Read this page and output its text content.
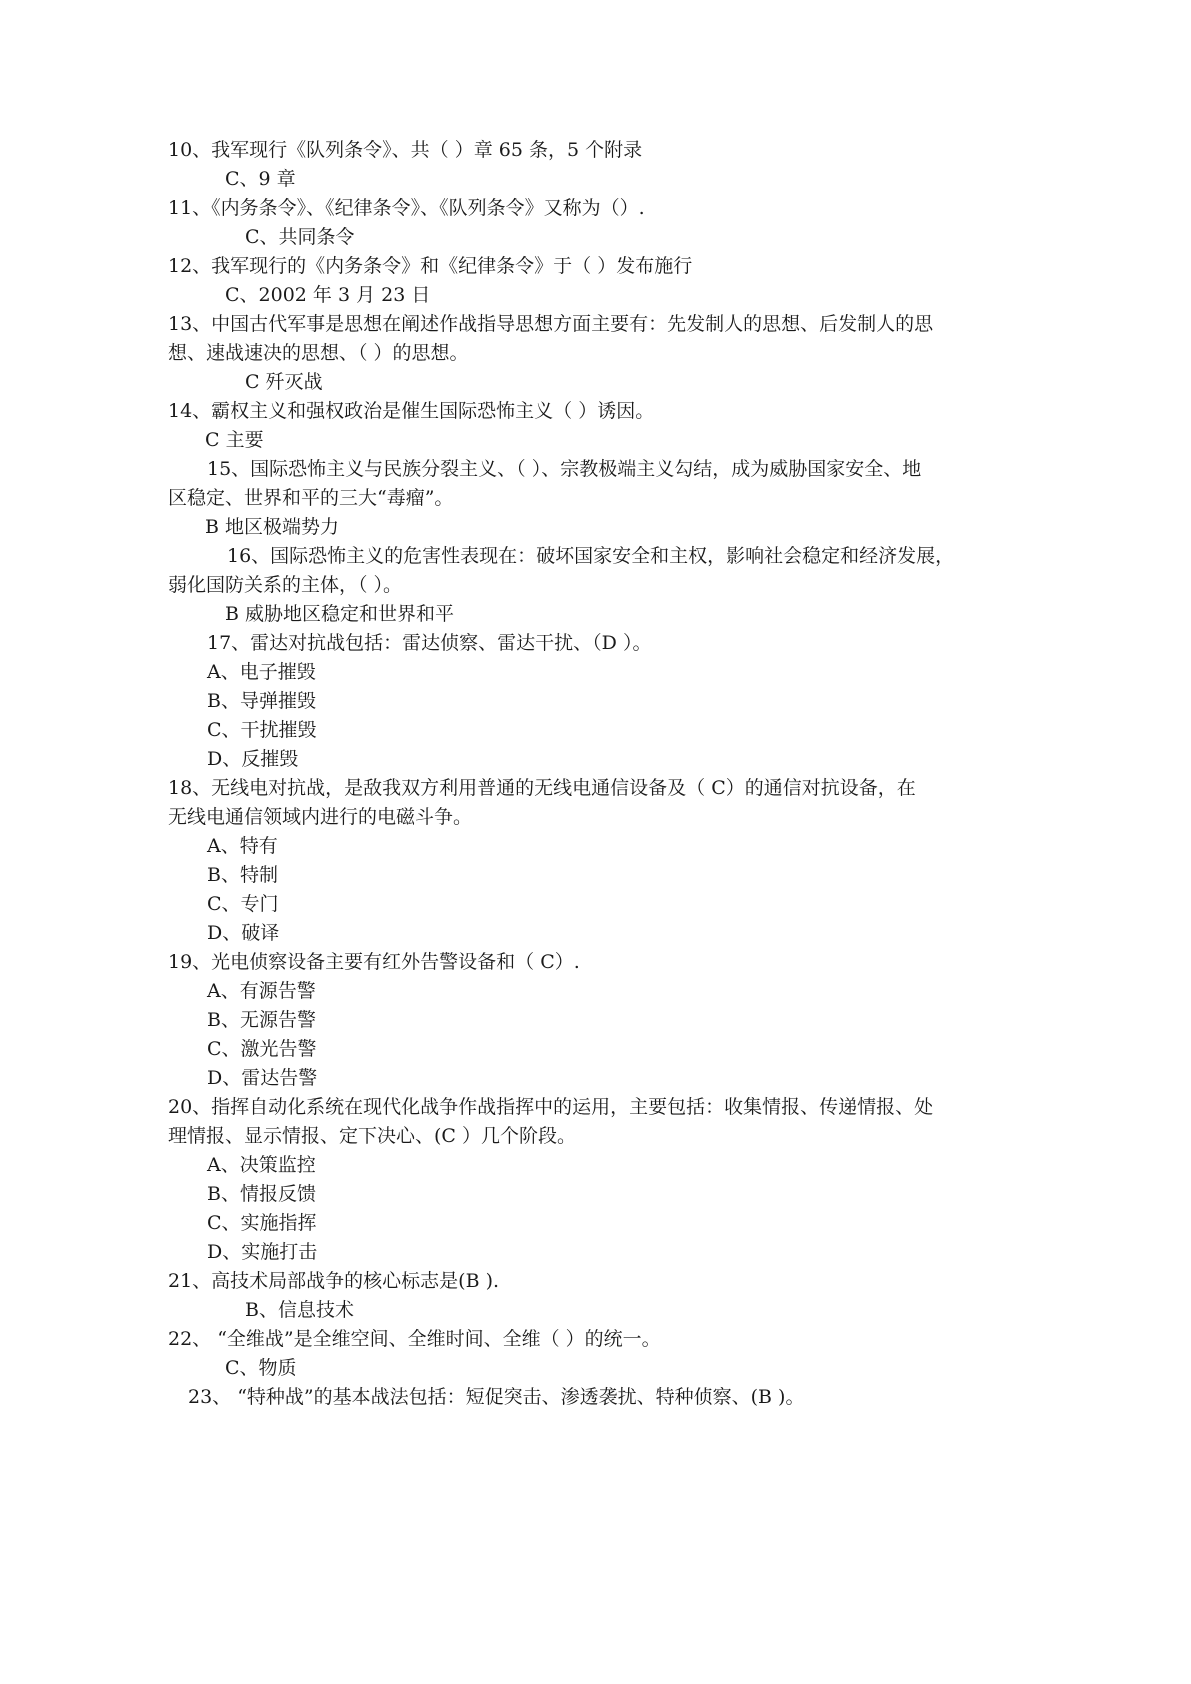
10、我军现行《队列条令》、共（ ）章 65 条，5 个附录
C、9 章
11、《内务条令》、《纪律条令》、《队列条令》又称为（）.
C、共同条令
12、我军现行的《内务条令》和《纪律条令》于（ ）发布施行
C、2002 年 3 月 23 日
13、中国古代军事是思想在阐述作战指导思想方面主要有：先发制人的思想、后发制人的思
想、速战速决的思想、（ ）的思想。
C 歼灭战
14、霸权主义和强权政治是催生国际恐怖主义（ ）诱因。
C 主要
15、国际恐怖主义与民族分裂主义、（ ）、宗教极端主义勾结，成为威胁国家安全、地
区稳定、世界和平的三大“毒瘤”。
B 地区极端势力
16、国际恐怖主义的危害性表现在：破坏国家安全和主权，影响社会稳定和经济发展，
弱化国防关系的主体，（ ）。
B 威胁地区稳定和世界和平
17、雷达对抗战包括：雷达侦察、雷达干扰、（D ）。
A、电子摧毁
B、导弹摧毁
C、干扰摧毁
D、反摧毁
18、无线电对抗战，是敌我双方利用普通的无线电通信设备及（ C）的通信对抗设备，在
无线电通信领域内进行的电磁斗争。
A、特有
B、特制
C、专门
D、破译
19、光电侦察设备主要有红外告警设备和（ C）.
A、有源告警
B、无源告警
C、激光告警
D、雷达告警
20、指挥自动化系统在现代化战争作战指挥中的运用，主要包括：收集情报、传递情报、处
理情报、显示情报、定下决心、(C ）几个阶段。
A、决策监控
B、情报反馈
C、实施指挥
D、实施打击
21、高技术局部战争的核心标志是(B ).
B、信息技术
22、 “全维战”是全维空间、全维时间、全维（ ）的统一。
C、物质
23、 “特种战”的基本战法包括：短促突击、渗透袭扰、特种侦察、(B )。
